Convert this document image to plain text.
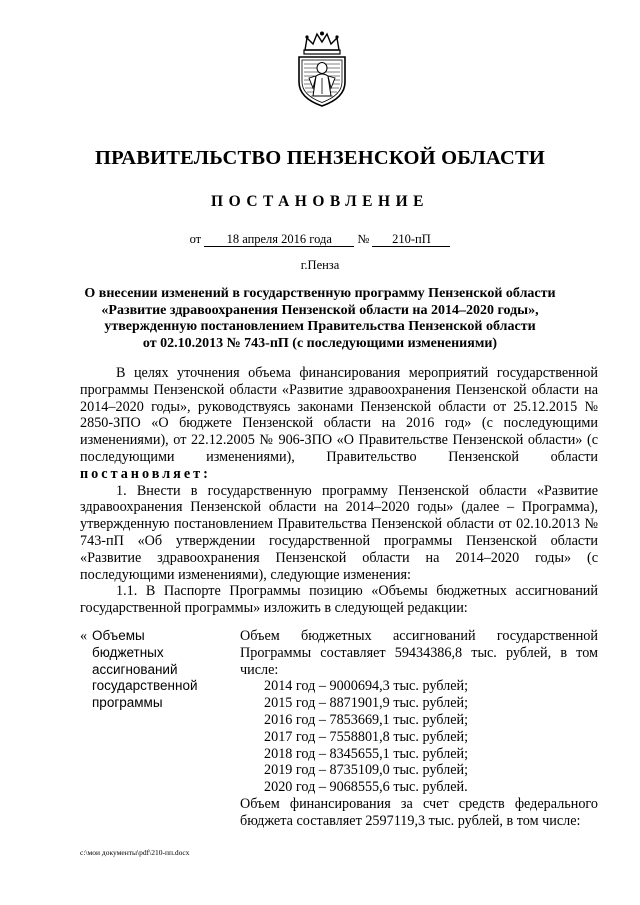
ПРАВИТЕЛЬСТВО ПЕНЗЕНСКОЙ ОБЛАСТИ
ПОСТАНОВЛЕНИЕ
от 18 апреля 2016 года № 210-пП
г.Пенза
О внесении изменений в государственную программу Пензенской области
«Развитие здравоохранения Пензенской области на 2014–2020 годы»,
утвержденную постановлением Правительства Пензенской области
от 02.10.2013 № 743-пП (с последующими изменениями)

В целях уточнения объема финансирования мероприятий государственной программы Пензенской области «Развитие здравоохранения Пензенской области на 2014–2020 годы», руководствуясь законами Пензенской области от 25.12.2015 № 2850-ЗПО «О бюджете Пензенской области на 2016 год» (с последующими изменениями), от 22.12.2005 № 906-ЗПО «О Правительстве Пензенской области» (с последующими изменениями), Правительство Пензенской области постановляет:

1. Внести в государственную программу Пензенской области «Развитие здравоохранения Пензенской области на 2014–2020 годы» (далее – Программа), утвержденную постановлением Правительства Пензенской области от 02.10.2013 № 743-пП «Об утверждении государственной программы Пензенской области «Развитие здравоохранения Пензенской области на 2014–2020 годы» (с последующими изменениями), следующие изменения:

1.1. В Паспорте Программы позицию «Объемы бюджетных ассигнований государственной программы» изложить в следующей редакции:

« Объемы
бюджетных
ассигнований
государственной
программы

Объем бюджетных ассигнований государственной Программы составляет 59434386,8 тыс. рублей, в том числе:

2014 год – 9000694,3 тыс. рублей;
2015 год – 8871901,9 тыс. рублей;
2016 год – 7853669,1 тыс. рублей;
2017 год – 7558801,8 тыс. рублей;
2018 год – 8345655,1 тыс. рублей;
2019 год – 8735109,0 тыс. рублей;
2020 год – 9068555,6 тыс. рублей.

Объем финансирования за счет средств федерального бюджета составляет 2597119,3 тыс. рублей, в том числе:

c:\мои документы\pdf\210-пп.docx
